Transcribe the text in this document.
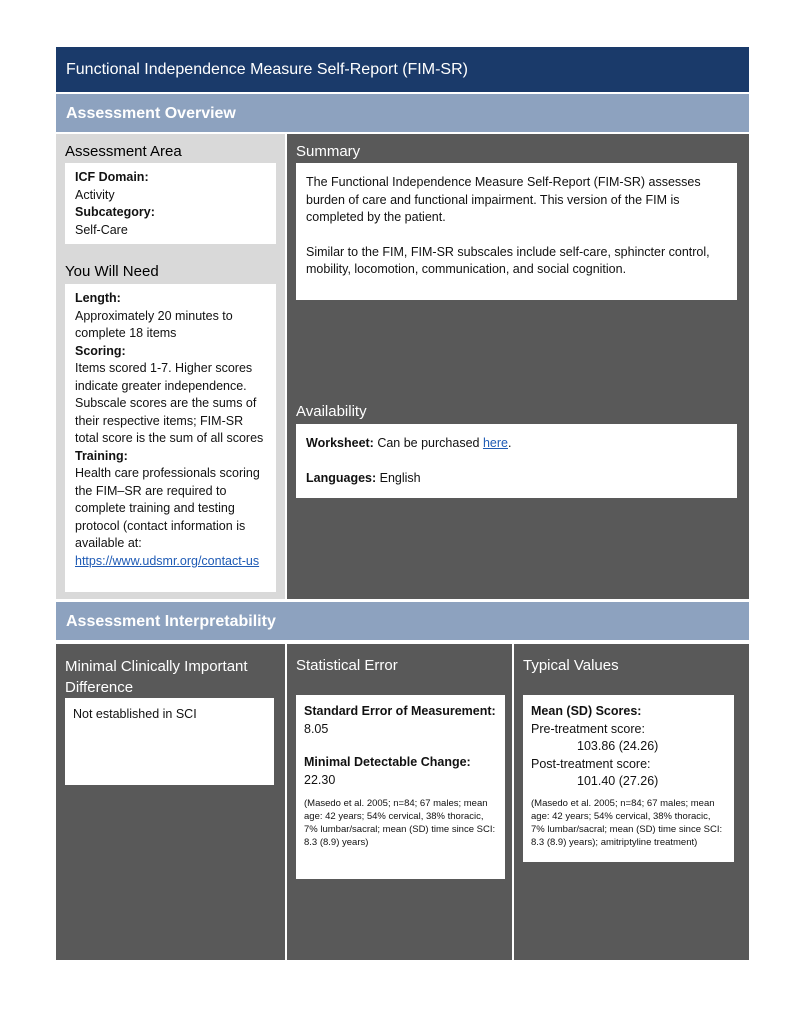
Functional Independence Measure Self-Report (FIM-SR)
Assessment Overview
Assessment Area

ICF Domain:

Activity

Subcategory:

Self-Care

You Will Need

Length:

Approximately 20 minutes to complete 18 items

Scoring:

Items scored 1-7. Higher scores indicate greater independence. Subscale scores are the sums of their respective items; FIM-SR total score is the sum of all scores

Training:

Health care professionals scoring the FIM–SR are required to complete training and testing protocol (contact information is available at:

https://www.udsmr.org/contact-us

Summary

The Functional Independence Measure Self-Report (FIM-SR) assesses burden of care and functional impairment. This version of the FIM is completed by the patient.

Similar to the FIM, FIM-SR subscales include self-care, sphincter control, mobility, locomotion, communication, and social cognition.

Availability

Worksheet: Can be purchased here.

Languages: English

Assessment Interpretability
Minimal Clinically Important Difference

Not established in SCI

Statistical Error

Standard Error of Measurement:

8.05

Minimal Detectable Change:

22.30

(Masedo et al. 2005; n=84; 67 males; mean age: 42 years; 54% cervical, 38% thoracic, 7% lumbar/sacral; mean (SD) time since SCI: 8.3 (8.9) years)

Typical Values

Mean (SD) Scores:

Pre-treatment score:

103.86 (24.26)

Post-treatment score:

101.40 (27.26)

(Masedo et al. 2005; n=84; 67 males; mean age: 42 years; 54% cervical, 38% thoracic, 7% lumbar/sacral; mean (SD) time since SCI: 8.3 (8.9) years); amitriptyline treatment)
